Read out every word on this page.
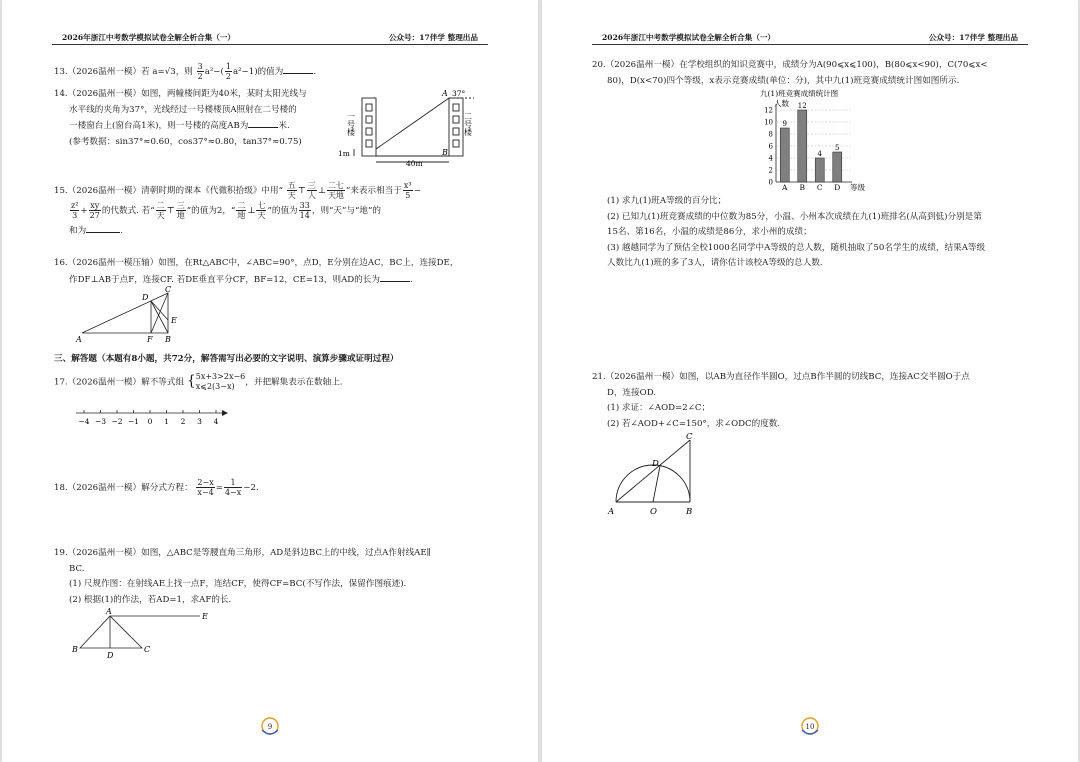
2026年浙江中考数学模拟试卷全解全析合集（一）	公众号：17伴学 整理出品

13.（2026温州一模）若 a=√3，则 $\frac{3}{2} a^2-( \frac{1}{2} a^2-1)$的值为	.

14.（2026温州一模）如图，两幢楼间距为40米，某时太阳光线与

水平线的夹角为37°，光线经过一号楼楼顶A照射在二号楼的

一楼窗台上(窗台高1米)，则一号楼的高度AB为	米.

(参考数据：sin37°≈0.60，cos37°≈0.80，tan37°≈0.75)

一号楼	二号楼
1m
40m
37°
A
B

15.（2026温州一模）清朝时期的课本《代微积拾级》中用“ $\frac{\text{五}}{\text{天}}$ ⊤ $\frac{\text{三}}{\text{人}}$ ⊥ $\frac{\text{二七}}{\text{天地}}$ ”来表示相当于 $\frac{\text{x³}}{5}$ −

$\frac{\text{z²}}{3} + \frac{xy}{27}$ 的代数式. 若“ $\frac{\text{二}}{\text{天}}$ ⊤ $\frac{\text{三}}{\text{地}}$ ”的值为2，“ $\frac{\text{二}}{\text{地}}$ ⊥ $\frac{\text{七}}{\text{天}}$ ”的值为 $\frac{33}{14}$ ，则“天”与“地”的

和为	.

16.（2026温州一模压轴）如图，在Rt△ABC中，∠ABC=90°，点D，E分别在边AC，BC上，连接DE，

作DF⊥AB于点F，连接CF. 若DE垂直平分CF，BF=12，CE=13，则AD的长为	.

A	B
C
D
E
F
三、解答题（本题有8小题，共72分，解答需写出必要的文字说明、演算步骤或证明过程）

17.（2026温州一模）解不等式组 { 5x+3>2x−6
x⩽2(3−x)	，并把解集表示在数轴上.

−4 −3 −2 −1 0 1 2 3 4

18.（2026温州一模）解分式方程： $\frac{2-x}{x-4} = \frac{1}{4-x} -2$.

19.（2026温州一模）如图，△ABC是等腰直角三角形，AD是斜边BC上的中线，过点A作射线AE∥

BC.

(1) 尺规作图：在射线AE上找一点F，连结CF，使得CF=BC(不写作法，保留作图痕迹).

(2) 根据(1)的作法，若AD=1，求AF的长.

B
A
C
D
E
9
2026年浙江中考数学模拟试卷全解全析合集（一）	公众号：17伴学 整理出品

20.（2026温州一模）在学校组织的知识竞赛中，成绩分为A(90⩽x⩽100)，B(80⩽x<90)，C(70⩽x<

80)，D(x<70)四个等级，x表示竞赛成绩(单位：分)，其中九(1)班竞赛成绩统计图如图所示.

九(1)班竞赛成绩统计图
人数
等级
0
2
4
6
8
10
12
9
A
12
B
4
C
5
D

(1) 求九(1)班A等级的百分比；

(2) 已知九(1)班竞赛成绩的中位数为85分，小温、小州本次成绩在九(1)班排名(从高到低)分别是第

15名、第16名，小温的成绩是86分，求小州的成绩；

(3) 越越同学为了预估全校1000名同学中A等级的总人数，随机抽取了50名学生的成绩，结果A等级

人数比九(1)班的多了3人，请你估计该校A等级的总人数.

21.（2026温州一模）如图，以AB为直径作半圆O，过点B作半圆的切线BC，连接AC交半圆O于点

D，连接OD.

(1) 求证：∠AOD=2∠C；

(2) 若∠AOD+∠C=150°，求∠ODC的度数.

A	O	B
C
D
10
